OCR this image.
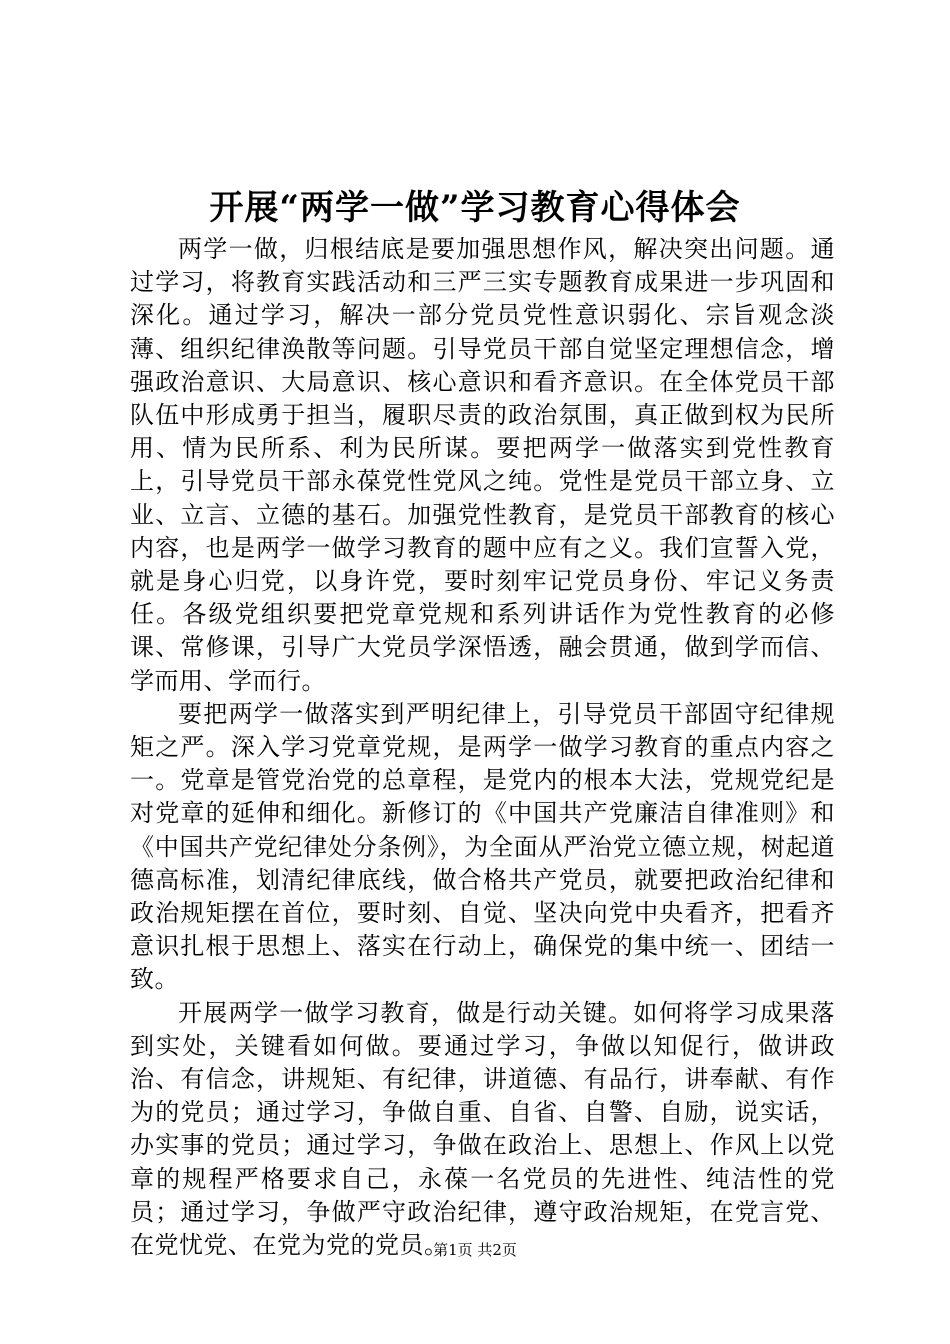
开展“两学一做”学习教育心得体会

两学一做，归根结底是要加强思想作风，解决突出问题。通过学习，将教育实践活动和三严三实专题教育成果进一步巩固和深化。通过学习，解决一部分党员党性意识弱化、宗旨观念淡薄、组织纪律涣散等问题。引导党员干部自觉坚定理想信念，增强政治意识、大局意识、核心意识和看齐意识。在全体党员干部队伍中形成勇于担当，履职尽责的政治氛围，真正做到权为民所用、情为民所系、利为民所谋。要把两学一做落实到党性教育上，引导党员干部永葆党性党风之纯。党性是党员干部立身、立业、立言、立德的基石。加强党性教育，是党员干部教育的核心内容，也是两学一做学习教育的题中应有之义。我们宣誓入党，就是身心归党，以身许党，要时刻牢记党员身份、牢记义务责任。各级党组织要把党章党规和系列讲话作为党性教育的必修课、常修课，引导广大党员学深悟透，融会贯通，做到学而信、学而用、学而行。

要把两学一做落实到严明纪律上，引导党员干部固守纪律规矩之严。深入学习党章党规，是两学一做学习教育的重点内容之一。党章是管党治党的总章程，是党内的根本大法，党规党纪是对党章的延伸和细化。新修订的《中国共产党廉洁自律准则》和《中国共产党纪律处分条例》，为全面从严治党立德立规，树起道德高标准，划清纪律底线，做合格共产党员，就要把政治纪律和政治规矩摆在首位，要时刻、自觉、坚决向党中央看齐，把看齐意识扎根于思想上、落实在行动上，确保党的集中统一、团结一致。

开展两学一做学习教育，做是行动关键。如何将学习成果落到实处，关键看如何做。要通过学习，争做以知促行，做讲政治、有信念，讲规矩、有纪律，讲道德、有品行，讲奉献、有作为的党员；通过学习，争做自重、自省、自警、自励，说实话，办实事的党员；通过学习，争做在政治上、思想上、作风上以党章的规程严格要求自己，永葆一名党员的先进性、纯洁性的党员；通过学习，争做严守政治纪律，遵守政治规矩，在党言党、在党忧党、在党为党的党员。

第1页 共2页
